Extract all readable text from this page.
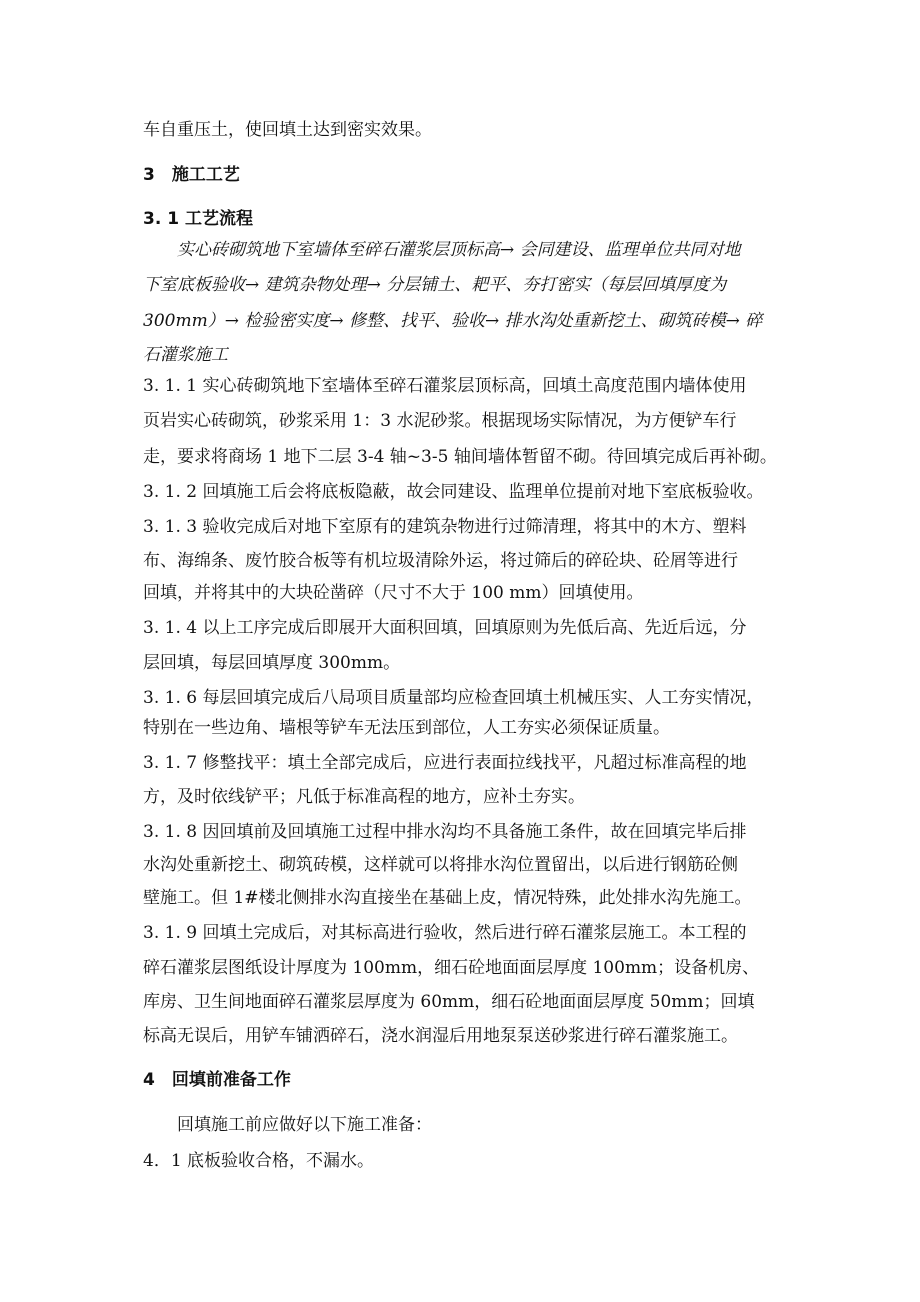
车自重压土，使回填土达到密实效果。
3　施工工艺
3. 1 工艺流程
实心砖砌筑地下室墙体至碎石灌浆层顶标高→ 会同建设、监理单位共同对地
下室底板验收→ 建筑杂物处理→ 分层铺土、耙平、夯打密实（每层回填厚度为
300mm）→ 检验密实度→ 修整、找平、验收→ 排水沟处重新挖土、砌筑砖模→ 碎
石灌浆施工
3. 1. 1 实心砖砌筑地下室墙体至碎石灌浆层顶标高，回填土高度范围内墙体使用
页岩实心砖砌筑，砂浆采用 1：3 水泥砂浆。根据现场实际情况，为方便铲车行
走，要求将商场 1 地下二层 3-4 轴~3-5 轴间墙体暂留不砌。待回填完成后再补砌。
3. 1. 2 回填施工后会将底板隐蔽，故会同建设、监理单位提前对地下室底板验收。
3. 1. 3 验收完成后对地下室原有的建筑杂物进行过筛清理，将其中的木方、塑料
布、海绵条、废竹胶合板等有机垃圾清除外运，将过筛后的碎砼块、砼屑等进行
回填，并将其中的大块砼凿碎（尺寸不大于 100 mm）回填使用。
3. 1. 4 以上工序完成后即展开大面积回填，回填原则为先低后高、先近后远，分
层回填，每层回填厚度 300mm。
3. 1. 6 每层回填完成后八局项目质量部均应检查回填土机械压实、人工夯实情况，
特别在一些边角、墙根等铲车无法压到部位，人工夯实必须保证质量。
3. 1. 7 修整找平：填土全部完成后，应进行表面拉线找平，凡超过标准高程的地
方，及时依线铲平；凡低于标准高程的地方，应补土夯实。
3. 1. 8 因回填前及回填施工过程中排水沟均不具备施工条件，故在回填完毕后排
水沟处重新挖土、砌筑砖模，这样就可以将排水沟位置留出，以后进行钢筋砼侧
壁施工。但 1#楼北侧排水沟直接坐在基础上皮，情况特殊，此处排水沟先施工。
3. 1. 9 回填土完成后，对其标高进行验收，然后进行碎石灌浆层施工。本工程的
碎石灌浆层图纸设计厚度为 100mm，细石砼地面面层厚度 100mm；设备机房、
库房、卫生间地面碎石灌浆层厚度为 60mm，细石砼地面面层厚度 50mm；回填
标高无误后，用铲车铺洒碎石，浇水润湿后用地泵泵送砂浆进行碎石灌浆施工。
4　回填前准备工作
回填施工前应做好以下施工准备：
4．1 底板验收合格，不漏水。
